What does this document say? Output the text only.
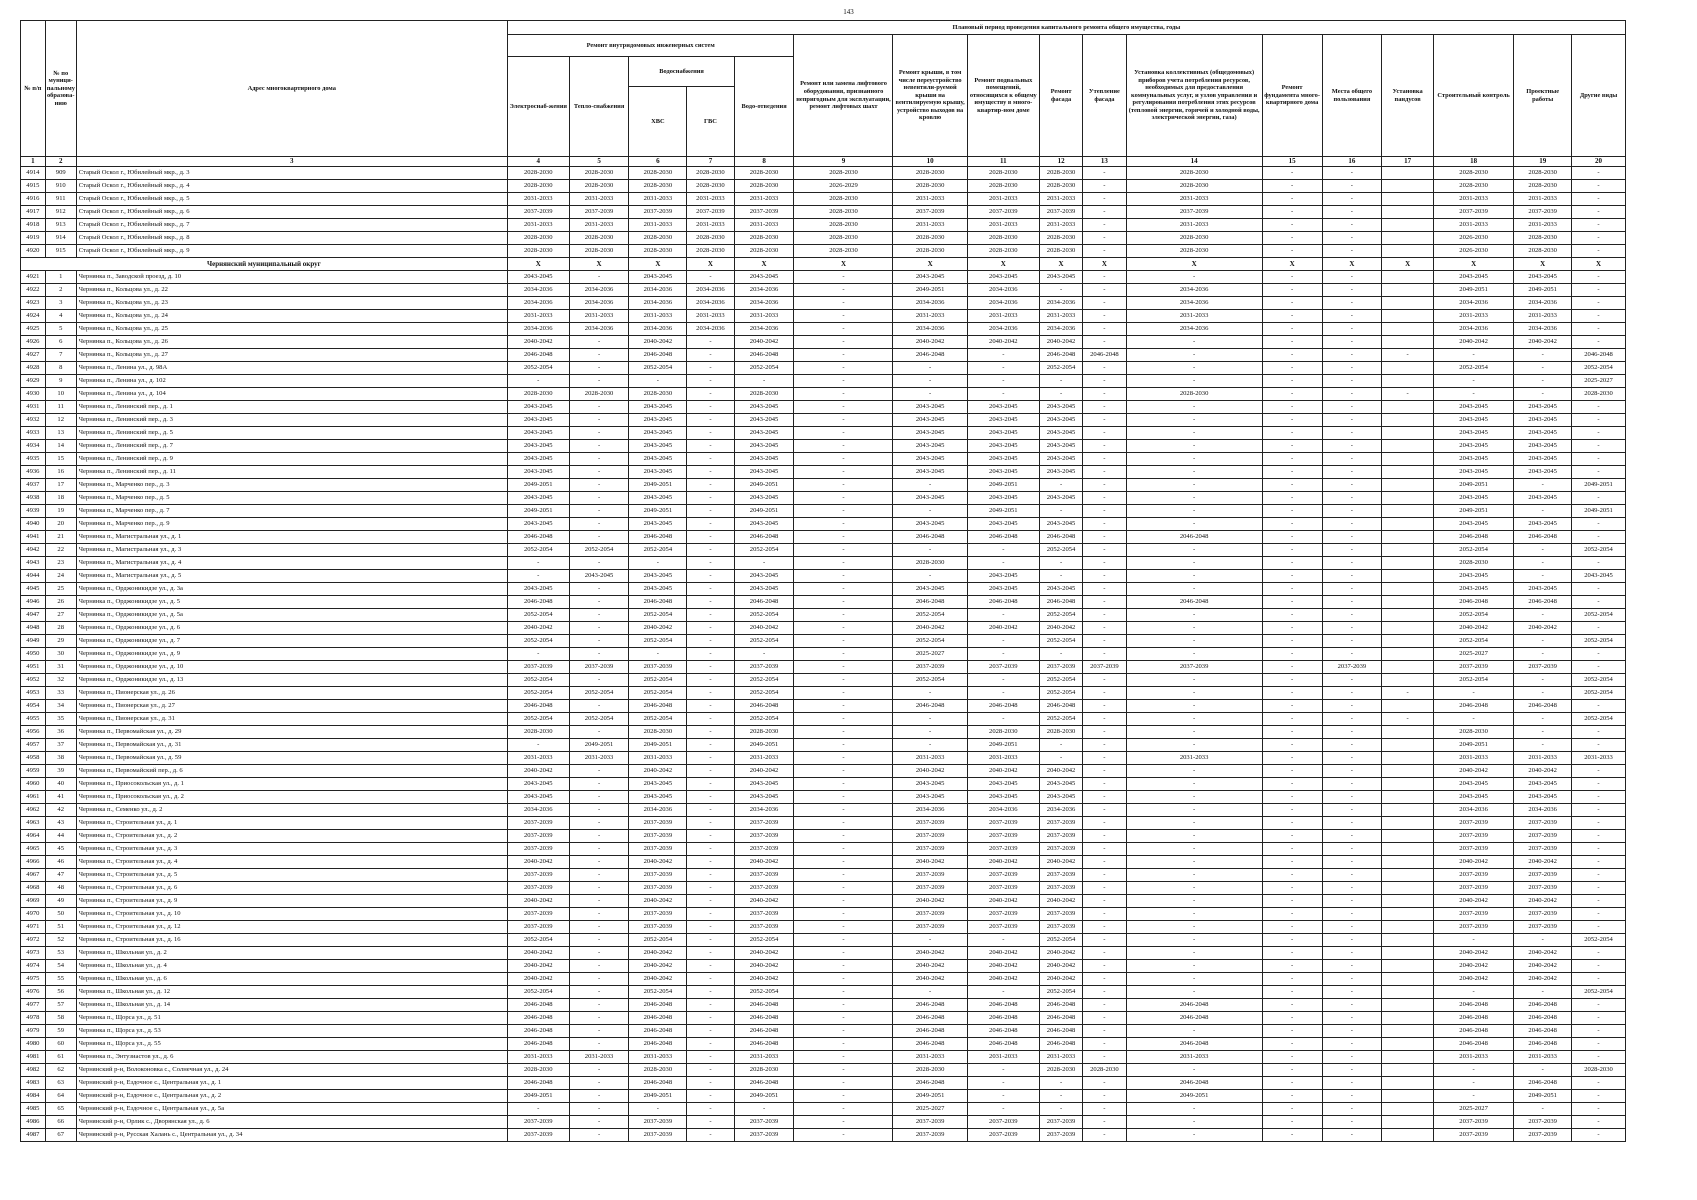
143
№ п/п	№ по муници-пальному образова-нию	Адрес многоквартирного дома	Плановый период проведения капитального ремонта общего имущества, годы																
			Ремонт внутридомовых инженерных систем					Ремонт или замена лифтового оборудования, признанного непригодным для эксплуатации, ремонт лифтовых шахт	Ремонт крыши, в том числе переустройство невентили-руемой крыши на вентилируемую крышу, устройство выходов на кровлю	Ремонт подвальных помещений, относящихся к общему имуществу в много-квартир-ном доме	Ремонт фасада	Утепление фасада	Установка коллективных (общедомовых) приборов учета потребления ресурсов, необходимых для предоставления коммунальных услуг, и узлов управления и регулирования потребления этих ресурсов (тепловой энергии, горячей и холодной воды, электрической энергии, газа)	Ремонт фундамента много-квартирного дома	Места общего пользования	Установка пандусов	Строительный контроль	Проектные работы	Другие виды
			Электроснаб-жения	Тепло-снабжения	Водоснабжения		Водо-отведения												
					ХВС	ГВС													
1	2	3	4	5	6	7	8	9	10	11	12	13	14	15	16	17	18	19	20
4914	909	Старый Оскол г., Юбилейный мкр., д. 3	2028-2030	2028-2030	2028-2030	2028-2030	2028-2030	2028-2030	2028-2030	2028-2030	2028-2030	-	2028-2030	-	-		2028-2030	2028-2030	-
4915	910	Старый Оскол г., Юбилейный мкр., д. 4	2028-2030	2028-2030	2028-2030	2028-2030	2028-2030	2026-2029	2028-2030	2028-2030	2028-2030	-	2028-2030	-	-		2028-2030	2028-2030	-
4916	911	Старый Оскол г., Юбилейный мкр., д. 5	2031-2033	2031-2033	2031-2033	2031-2033	2031-2033	2028-2030	2031-2033	2031-2033	2031-2033	-	2031-2033	-	-		2031-2033	2031-2033	-
4917	912	Старый Оскол г., Юбилейный мкр., д. 6	2037-2039	2037-2039	2037-2039	2037-2039	2037-2039	2028-2030	2037-2039	2037-2039	2037-2039	-	2037-2039	-	-		2037-2039	2037-2039	-
4918	913	Старый Оскол г., Юбилейный мкр., д. 7	2031-2033	2031-2033	2031-2033	2031-2033	2031-2033	2028-2030	2031-2033	2031-2033	2031-2033	-	2031-2033	-	-		2031-2033	2031-2033	-
4919	914	Старый Оскол г., Юбилейный мкр., д. 8	2028-2030	2028-2030	2028-2030	2028-2030	2028-2030	2028-2030	2028-2030	2028-2030	2028-2030	-	2028-2030	-	-		2026-2030	2028-2030	-
4920	915	Старый Оскол г., Юбилейный мкр., д. 9	2028-2030	2028-2030	2028-2030	2028-2030	2028-2030	2028-2030	2028-2030	2028-2030	2028-2030	-	2028-2030	-	-		2026-2030	2028-2030	-
Чернянский муниципальный округ			X	X	X	X	X	X	X	X	X	X	X	X	X	X	X	X	X
4921	1	Чернянка п., Заводской проезд, д. 10	2043-2045	-	2043-2045	-	2043-2045	-	2043-2045	2043-2045	2043-2045	-	-	-	-		2043-2045	2043-2045	-
4922	2	Чернянка п., Кольцова ул., д. 22	2034-2036	2034-2036	2034-2036	2034-2036	2034-2036	-	2049-2051	2034-2036	-	-	2034-2036	-	-		2049-2051	2049-2051	-
4923	3	Чернянка п., Кольцова ул., д. 23	2034-2036	2034-2036	2034-2036	2034-2036	2034-2036	-	2034-2036	2034-2036	2034-2036	-	2034-2036	-	-		2034-2036	2034-2036	-
4924	4	Чернянка п., Кольцова ул., д. 24	2031-2033	2031-2033	2031-2033	2031-2033	2031-2033	-	2031-2033	2031-2033	2031-2033	-	2031-2033	-	-		2031-2033	2031-2033	-
4925	5	Чернянка п., Кольцова ул., д. 25	2034-2036	2034-2036	2034-2036	2034-2036	2034-2036	-	2034-2036	2034-2036	2034-2036	-	2034-2036	-	-		2034-2036	2034-2036	-
4926	6	Чернянка п., Кольцова ул., д. 26	2040-2042	-	2040-2042	-	2040-2042	-	2040-2042	2040-2042	2040-2042	-	-	-	-		2040-2042	2040-2042	-
4927	7	Чернянка п., Кольцова ул., д. 27	2046-2048	-	2046-2048	-	2046-2048	-	2046-2048	-	2046-2048	2046-2048	-	-	-	-	-	-	2046-2048
4928	8	Чернянка п., Ленина ул., д. 98А	2052-2054	-	2052-2054	-	2052-2054	-	-	-	2052-2054	-	-	-	-		2052-2054	-	2052-2054
4929	9	Чернянка п., Ленина ул., д. 102	-	-	-	-	-	-	-	-	-	-	-	-	-		-	-	2025-2027
4930	10	Чернянка п., Ленина ул., д. 104	2028-2030	2028-2030	2028-2030	-	2028-2030	-	-	-	-	-	2028-2030	-	-	-	-	-	2028-2030
4931	11	Чернянка п., Ленинский пер., д. 1	2043-2045	-	2043-2045	-	2043-2045	-	2043-2045	2043-2045	2043-2045	-	-	-	-		2043-2045	2043-2045	-
4932	12	Чернянка п., Ленинский пер., д. 3	2043-2045	-	2043-2045	-	2043-2045	-	2043-2045	2043-2045	2043-2045	-	-	-	-		2043-2045	2043-2045	-
4933	13	Чернянка п., Ленинский пер., д. 5	2043-2045	-	2043-2045	-	2043-2045	-	2043-2045	2043-2045	2043-2045	-	-	-	-		2043-2045	2043-2045	-
4934	14	Чернянка п., Ленинский пер., д. 7	2043-2045	-	2043-2045	-	2043-2045	-	2043-2045	2043-2045	2043-2045	-	-	-	-		2043-2045	2043-2045	-
4935	15	Чернянка п., Ленинский пер., д. 9	2043-2045	-	2043-2045	-	2043-2045	-	2043-2045	2043-2045	2043-2045	-	-	-	-		2043-2045	2043-2045	-
4936	16	Чернянка п., Ленинский пер., д. 11	2043-2045	-	2043-2045	-	2043-2045	-	2043-2045	2043-2045	2043-2045	-	-	-	-		2043-2045	2043-2045	-
4937	17	Чернянка п., Марченко пер., д. 3	2049-2051	-	2049-2051	-	2049-2051	-	-	2049-2051	-	-	-	-	-		2049-2051	-	2049-2051
4938	18	Чернянка п., Марченко пер., д. 5	2043-2045	-	2043-2045	-	2043-2045	-	2043-2045	2043-2045	2043-2045	-	-	-	-		2043-2045	2043-2045	-
4939	19	Чернянка п., Марченко пер., д. 7	2049-2051	-	2049-2051	-	2049-2051	-	-	2049-2051	-	-	-	-	-		2049-2051	-	2049-2051
4940	20	Чернянка п., Марченко пер., д. 9	2043-2045	-	2043-2045	-	2043-2045	-	2043-2045	2043-2045	2043-2045	-	-	-	-		2043-2045	2043-2045	-
4941	21	Чернянка п., Магистральная ул., д. 1	2046-2048	-	2046-2048	-	2046-2048	-	2046-2048	2046-2048	2046-2048	-	2046-2048	-	-		2046-2048	2046-2048	-
4942	22	Чернянка п., Магистральная ул., д. 3	2052-2054	2052-2054	2052-2054	-	2052-2054	-	-	-	2052-2054	-	-	-	-		2052-2054	-	2052-2054
4943	23	Чернянка п., Магистральная ул., д. 4	-	-	-	-	-	-	2028-2030	-	-	-	-	-	-		2028-2030	-	-
4944	24	Чернянка п., Магистральная ул., д. 5	-	2043-2045	2043-2045	-	2043-2045	-	-	2043-2045	-	-	-	-	-		2043-2045	-	2043-2045
4945	25	Чернянка п., Орджоникидзе ул., д. 3а	2043-2045	-	2043-2045	-	2043-2045	-	2043-2045	2043-2045	2043-2045	-	-	-	-		2043-2045	2043-2045	-
4946	26	Чернянка п., Орджоникидзе ул., д. 5	2046-2048	-	2046-2048	-	2046-2048	-	2046-2048	2046-2048	2046-2048	-	2046-2048	-	-		2046-2048	2046-2048	-
4947	27	Чернянка п., Орджоникидзе ул., д. 5а	2052-2054	-	2052-2054	-	2052-2054	-	2052-2054	-	2052-2054	-	-	-	-		2052-2054	-	2052-2054
4948	28	Чернянка п., Орджоникидзе ул., д. 6	2040-2042	-	2040-2042	-	2040-2042	-	2040-2042	2040-2042	2040-2042	-	-	-	-		2040-2042	2040-2042	-
4949	29	Чернянка п., Орджоникидзе ул., д. 7	2052-2054	-	2052-2054	-	2052-2054	-	2052-2054	-	2052-2054	-	-	-	-		2052-2054	-	2052-2054
4950	30	Чернянка п., Орджоникидзе ул., д. 9	-	-	-	-	-	-	2025-2027	-	-	-	-	-	-		2025-2027	-	-
4951	31	Чернянка п., Орджоникидзе ул., д. 10	2037-2039	2037-2039	2037-2039	-	2037-2039	-	2037-2039	2037-2039	2037-2039	2037-2039	2037-2039	-	2037-2039		2037-2039	2037-2039	-
4952	32	Чернянка п., Орджоникидзе ул., д. 13	2052-2054	-	2052-2054	-	2052-2054	-	2052-2054	-	2052-2054	-	-	-	-		2052-2054	-	2052-2054
4953	33	Чернянка п., Пионерская ул., д. 26	2052-2054	2052-2054	2052-2054	-	2052-2054	-	-	-	2052-2054	-	-	-	-	-	-	-	2052-2054
4954	34	Чернянка п., Пионерская ул., д. 27	2046-2048	-	2046-2048	-	2046-2048	-	2046-2048	2046-2048	2046-2048	-	-	-	-		2046-2048	2046-2048	-
4955	35	Чернянка п., Пионерская ул., д. 31	2052-2054	2052-2054	2052-2054	-	2052-2054	-	-	-	2052-2054	-	-	-	-	-	-	-	2052-2054
4956	36	Чернянка п., Первомайская ул., д. 29	2028-2030	-	2028-2030	-	2028-2030	-	-	2028-2030	2028-2030	-	-	-	-		2028-2030	-	-
4957	37	Чернянка п., Первомайская ул., д. 31	-	2049-2051	2049-2051	-	2049-2051	-	-	2049-2051	-	-	-	-	-		2049-2051	-	-
4958	38	Чернянка п., Первомайская ул., д. 59	2031-2033	2031-2033	2031-2033	-	2031-2033	-	2031-2033	2031-2033	-	-	2031-2033	-	-		2031-2033	2031-2033	2031-2033
4959	39	Чернянка п., Первомайский пер., д. 6	2040-2042	-	2040-2042	-	2040-2042	-	2040-2042	2040-2042	2040-2042	-	-	-	-		2040-2042	2040-2042	-
4960	40	Чернянка п., Приосокольская ул., д. 1	2043-2045	-	2043-2045	-	2043-2045	-	2043-2045	2043-2045	2043-2045	-	-	-	-		2043-2045	2043-2045	-
4961	41	Чернянка п., Приосокольская ул., д. 2	2043-2045	-	2043-2045	-	2043-2045	-	2043-2045	2043-2045	2043-2045	-	-	-	-		2043-2045	2043-2045	-
4962	42	Чернянка п., Семенко ул., д. 2	2034-2036	-	2034-2036	-	2034-2036	-	2034-2036	2034-2036	2034-2036	-	-	-	-		2034-2036	2034-2036	-
4963	43	Чернянка п., Строительная ул., д. 1	2037-2039	-	2037-2039	-	2037-2039	-	2037-2039	2037-2039	2037-2039	-	-	-	-		2037-2039	2037-2039	-
4964	44	Чернянка п., Строительная ул., д. 2	2037-2039	-	2037-2039	-	2037-2039	-	2037-2039	2037-2039	2037-2039	-	-	-	-		2037-2039	2037-2039	-
4965	45	Чернянка п., Строительная ул., д. 3	2037-2039	-	2037-2039	-	2037-2039	-	2037-2039	2037-2039	2037-2039	-	-	-	-		2037-2039	2037-2039	-
4966	46	Чернянка п., Строительная ул., д. 4	2040-2042	-	2040-2042	-	2040-2042	-	2040-2042	2040-2042	2040-2042	-	-	-	-		2040-2042	2040-2042	-
4967	47	Чернянка п., Строительная ул., д. 5	2037-2039	-	2037-2039	-	2037-2039	-	2037-2039	2037-2039	2037-2039	-	-	-	-		2037-2039	2037-2039	-
4968	48	Чернянка п., Строительная ул., д. 6	2037-2039	-	2037-2039	-	2037-2039	-	2037-2039	2037-2039	2037-2039	-	-	-	-		2037-2039	2037-2039	-
4969	49	Чернянка п., Строительная ул., д. 9	2040-2042	-	2040-2042	-	2040-2042	-	2040-2042	2040-2042	2040-2042	-	-	-	-		2040-2042	2040-2042	-
4970	50	Чернянка п., Строительная ул., д. 10	2037-2039	-	2037-2039	-	2037-2039	-	2037-2039	2037-2039	2037-2039	-	-	-	-		2037-2039	2037-2039	-
4971	51	Чернянка п., Строительная ул., д. 12	2037-2039	-	2037-2039	-	2037-2039	-	2037-2039	2037-2039	2037-2039	-	-	-	-		2037-2039	2037-2039	-
4972	52	Чернянка п., Строительная ул., д. 16	2052-2054	-	2052-2054	-	2052-2054	-	-	-	2052-2054	-	-	-	-		-	-	2052-2054
4973	53	Чернянка п., Школьная ул., д. 2	2040-2042	-	2040-2042	-	2040-2042	-	2040-2042	2040-2042	2040-2042	-	-	-	-		2040-2042	2040-2042	-
4974	54	Чернянка п., Школьная ул., д. 4	2040-2042	-	2040-2042	-	2040-2042	-	2040-2042	2040-2042	2040-2042	-	-	-	-		2040-2042	2040-2042	-
4975	55	Чернянка п., Школьная ул., д. 6	2040-2042	-	2040-2042	-	2040-2042	-	2040-2042	2040-2042	2040-2042	-	-	-	-		2040-2042	2040-2042	-
4976	56	Чернянка п., Школьная ул., д. 12	2052-2054	-	2052-2054	-	2052-2054	-	-	-	2052-2054	-	-	-	-		-	-	2052-2054
4977	57	Чернянка п., Школьная ул., д. 14	2046-2048	-	2046-2048	-	2046-2048	-	2046-2048	2046-2048	2046-2048	-	2046-2048	-	-		2046-2048	2046-2048	-
4978	58	Чернянка п., Щорса ул., д. 51	2046-2048	-	2046-2048	-	2046-2048	-	2046-2048	2046-2048	2046-2048	-	2046-2048	-	-		2046-2048	2046-2048	-
4979	59	Чернянка п., Щорса ул., д. 53	2046-2048	-	2046-2048	-	2046-2048	-	2046-2048	2046-2048	2046-2048	-	-	-	-		2046-2048	2046-2048	-
4980	60	Чернянка п., Щорса ул., д. 55	2046-2048	-	2046-2048	-	2046-2048	-	2046-2048	2046-2048	2046-2048	-	2046-2048	-	-		2046-2048	2046-2048	-
4981	61	Чернянка п., Энтузиастов ул., д. 6	2031-2033	2031-2033	2031-2033	-	2031-2033	-	2031-2033	2031-2033	2031-2033	-	2031-2033	-	-		2031-2033	2031-2033	-
4982	62	Чернянский р-н, Волоконовка с., Солнечная ул., д. 24	2028-2030	-	2028-2030	-	2028-2030	-	2028-2030	-	2028-2030	2028-2030	-	-	-		-	-	2028-2030
4983	63	Чернянский р-н, Ездочное с., Центральная ул., д. 1	2046-2048	-	2046-2048	-	2046-2048	-	2046-2048	-	-	-	2046-2048	-	-		-	2046-2048	-
4984	64	Чернянский р-н, Ездочное с., Центральная ул., д. 2	2049-2051	-	2049-2051	-	2049-2051	-	2049-2051	-	-	-	2049-2051	-	-		-	2049-2051	-
4985	65	Чернянский р-н, Ездочное с., Центральная ул., д. 5а	-	-	-	-	-	-	2025-2027	-	-	-	-	-	-		2025-2027	-	-
4986	66	Чернянский р-н, Орлик с., Дворянская ул., д. 6	2037-2039	-	2037-2039	-	2037-2039	-	2037-2039	2037-2039	2037-2039	-	-	-	-		2037-2039	2037-2039	-
4987	67	Чернянский р-н, Русская Халань с., Центральная ул., д. 34	2037-2039	-	2037-2039	-	2037-2039	-	2037-2039	2037-2039	2037-2039	-	-	-	-		2037-2039	2037-2039	-
